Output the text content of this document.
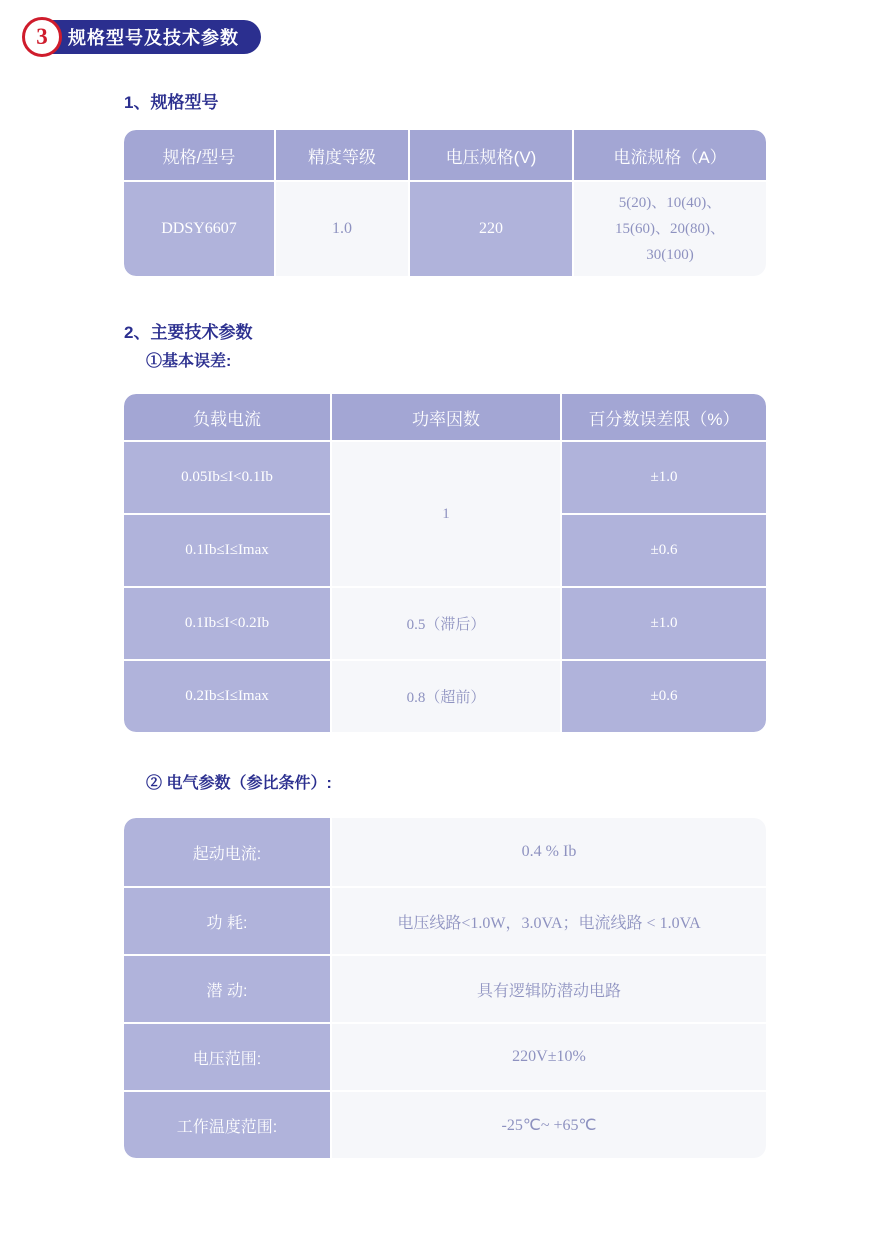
3	规格型号及技术参数
1、规格型号
2、主要技术参数
①基本误差:
② 电气参数（参比条件）:
规格/型号	精度等级	电压规格(V)	电流规格（A）
DDSY6607	1.0	220	5(20)、10(40)、
15(60)、20(80)、
30(100)
负载电流	功率因数	百分数误差限（%）
0.05Ib≤I<0.1Ib	1	±1.0
0.1Ib≤I≤Imax		±0.6
0.1Ib≤I<0.2Ib	0.5（滞后）	±1.0
0.2Ib≤I≤Imax	0.8（超前）	±0.6
起动电流:	0.4 % Ib
功 耗:	电压线路<1.0W，3.0VA；电流线路 < 1.0VA
潜 动:	具有逻辑防潜动电路
电压范围:	220V±10%
工作温度范围:	-25℃~ +65℃
